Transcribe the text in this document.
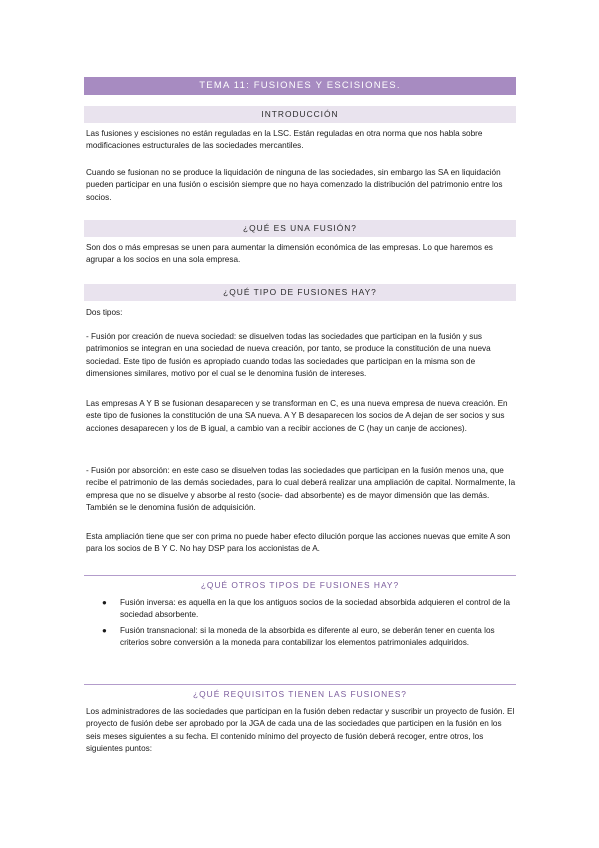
TEMA 11: FUSIONES Y ESCISIONES.
INTRODUCCIÓN

Las fusiones y escisiones no están reguladas en la LSC. Están reguladas en otra norma que nos habla sobre modificaciones estructurales de las sociedades mercantiles.

Cuando se fusionan no se produce la liquidación de ninguna de las sociedades, sin embargo las SA en liquidación pueden participar en una fusión o escisión siempre que no haya comenzado la distribución del patrimonio entre los socios.

¿QUÉ ES UNA FUSIÓN?

Son dos o más empresas se unen para aumentar la dimensión económica de las empresas. Lo que haremos es agrupar a los socios en una sola empresa.

¿QUÉ TIPO DE FUSIONES HAY?

Dos tipos:

- Fusión por creación de nueva sociedad: se disuelven todas las sociedades que participan en la fusión y sus patrimonios se integran en una sociedad de nueva creación, por tanto, se produce la constitución de una nueva sociedad. Este tipo de fusión es apropiado cuando todas las sociedades que participan en la misma son de dimensiones similares, motivo por el cual se le denomina fusión de intereses.

Las empresas A Y B se fusionan desaparecen y se transforman en C, es una nueva empresa de nueva creación. En este tipo de fusiones la constitución de una SA nueva. A Y B desaparecen los socios de A dejan de ser socios y sus acciones desaparecen y los de B igual, a cambio van a recibir acciones de C (hay un canje de acciones).

- Fusión por absorción: en este caso se disuelven todas las sociedades que participan en la fusión menos una, que recibe el patrimonio de las demás sociedades, para lo cual deberá realizar una ampliación de capital. Normalmente, la empresa que no se disuelve y absorbe al resto (socie- dad absorbente) es de mayor dimensión que las demás. También se le denomina fusión de adquisición.

Esta ampliación tiene que ser con prima no puede haber efecto dilución porque las acciones nuevas que emite A son para los socios de B Y C. No hay DSP para los accionistas de A.

¿QUÉ OTROS TIPOS DE FUSIONES HAY?
● Fusión inversa: es aquella en la que los antiguos socios de la sociedad absorbida adquieren el control de la sociedad absorbente.
● Fusión transnacional: si la moneda de la absorbida es diferente al euro, se deberán tener en cuenta los criterios sobre conversión a la moneda para contabilizar los elementos patrimoniales adquiridos.
¿QUÉ REQUISITOS TIENEN LAS FUSIONES?

Los administradores de las sociedades que participan en la fusión deben redactar y suscribir un proyecto de fusión. El proyecto de fusión debe ser aprobado por la JGA de cada una de las sociedades que participen en la fusión en los seis meses siguientes a su fecha. El contenido mínimo del proyecto de fusión deberá recoger, entre otros, los siguientes puntos:
